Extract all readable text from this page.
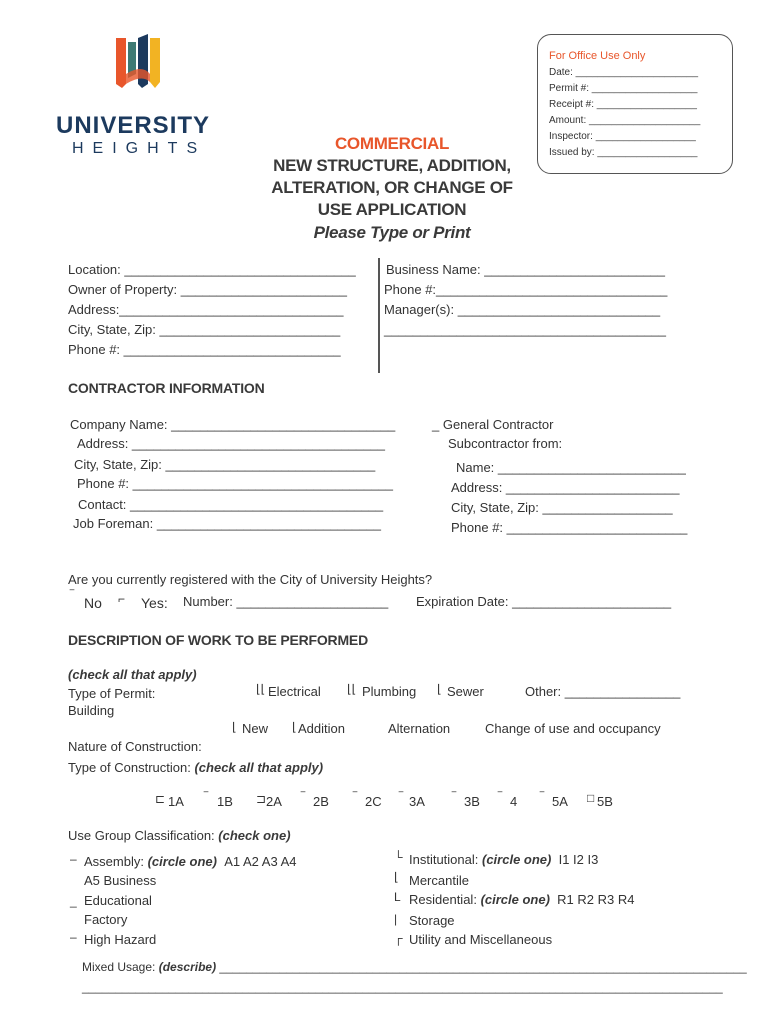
UNIVERSITY
HEIGHTS
For Office Use Only
Date: ______________________
Permit #: ___________________
Receipt #: __________________
Amount: ____________________
Inspector: __________________
Issued by: __________________
COMMERCIAL
NEW STRUCTURE, ADDITION,
ALTERATION, OR CHANGE OF
USE APPLICATION
Please Type or Print
Location: ________________________________
Owner of Property: _______________________
Address:_______________________________
City, State, Zip: _________________________
Phone #: ______________________________
Business Name: _________________________
Phone #:________________________________
Manager(s): ____________________________
_______________________________________
CONTRACTOR INFORMATION
Company Name: _______________________________
Address: ___________________________________
City, State, Zip: _____________________________
Phone #: ____________________________________
Contact: ___________________________________
Job Foreman: _______________________________
_ General Contractor
Subcontractor from:
Name: __________________________
Address: ________________________
City, State, Zip: __________________
Phone #: _________________________
Are you currently registered with the City of University Heights?
‾ No ⌐ Yes: Number: _____________________ Expiration Date: ______________________
DESCRIPTION OF WORK TO BE PERFORMED
(check all that apply)
Type of Permit:
Building
⌊⌊ Electrical ⌊⌊ Plumbing ⌊ Sewer	Other: ________________
⌊ New ⌊ Addition	Alternation	Change of use and occupancy
Nature of Construction:
Type of Construction: (check all that apply)
⊏ 1A ‾ 1B ⊐ 2A ‾ 2B ‾ 2C ‾ 3A ‾ 3B ‾ 4 ‾ 5A □ 5B
Use Group Classification: (check one)
– Assembly: (circle one) A1 A2 A3 A4
A5 Business
_ Educational
Factory
– High Hazard
└ Institutional: (circle one) I1 I2 I3
⌊ Mercantile
L Residential: (circle one) R1 R2 R3 R4
| Storage
┌ Utility and Miscellaneous
Mixed Usage: (describe) _______________________________________________________________________________
________________________________________________________________________________________________
